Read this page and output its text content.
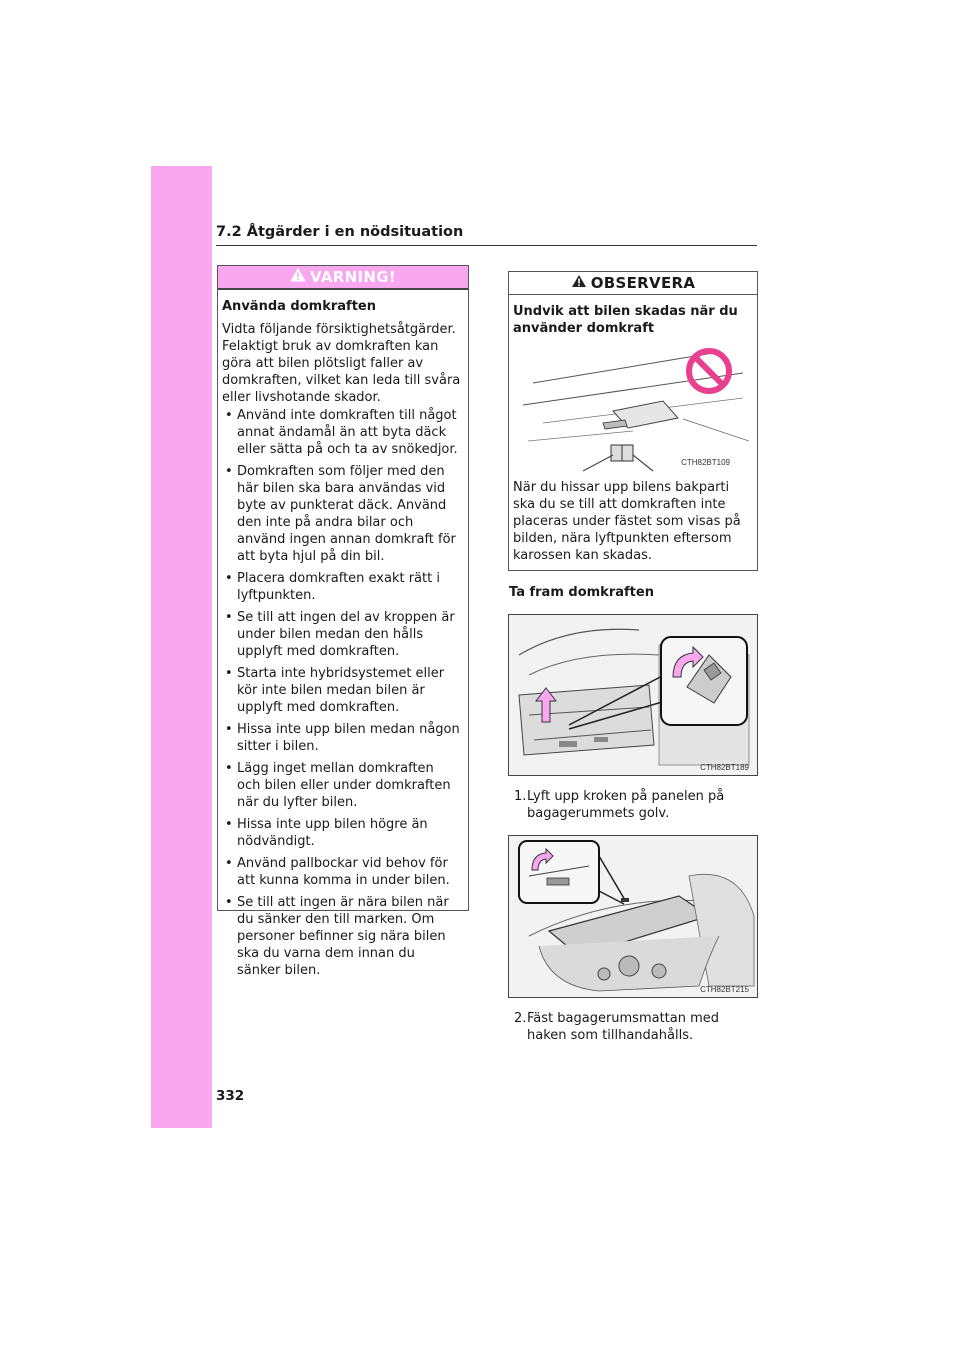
7.2 Åtgärder i en nödsituation
VARNING!
Använda domkraften

Vidta följande försiktighetsåtgärder. Felaktigt bruk av domkraften kan göra att bilen plötsligt faller av domkraften, vilket kan leda till svåra eller livshotande skador.

• Använd inte domkraften till något annat ändamål än att byta däck eller sätta på och ta av snökedjor.
• Domkraften som följer med den här bilen ska bara användas vid byte av punkterat däck. Använd den inte på andra bilar och använd ingen annan domkraft för att byta hjul på din bil.
• Placera domkraften exakt rätt i lyftpunkten.
• Se till att ingen del av kroppen är under bilen medan den hålls upplyft med domkraften.
• Starta inte hybridsystemet eller kör inte bilen medan bilen är upplyft med domkraften.
• Hissa inte upp bilen medan någon sitter i bilen.
• Lägg inget mellan domkraften och bilen eller under domkraften när du lyfter bilen.
• Hissa inte upp bilen högre än nödvändigt.
• Använd pallbockar vid behov för att kunna komma in under bilen.
• Se till att ingen är nära bilen när du sänker den till marken. Om personer befinner sig nära bilen ska du varna dem innan du sänker bilen.
OBSERVERA
Undvik att bilen skadas när du använder domkraft
CTH82BT109

När du hissar upp bilens bakparti ska du se till att domkraften inte placeras under fästet som visas på bilden, nära lyftpunkten eftersom karossen kan skadas.

Ta fram domkraften
CTH82BT189
1. Lyft upp kroken på panelen på bagagerummets golv.
CTH82BT215
2. Fäst bagagerumsmattan med haken som tillhandahålls.
332
